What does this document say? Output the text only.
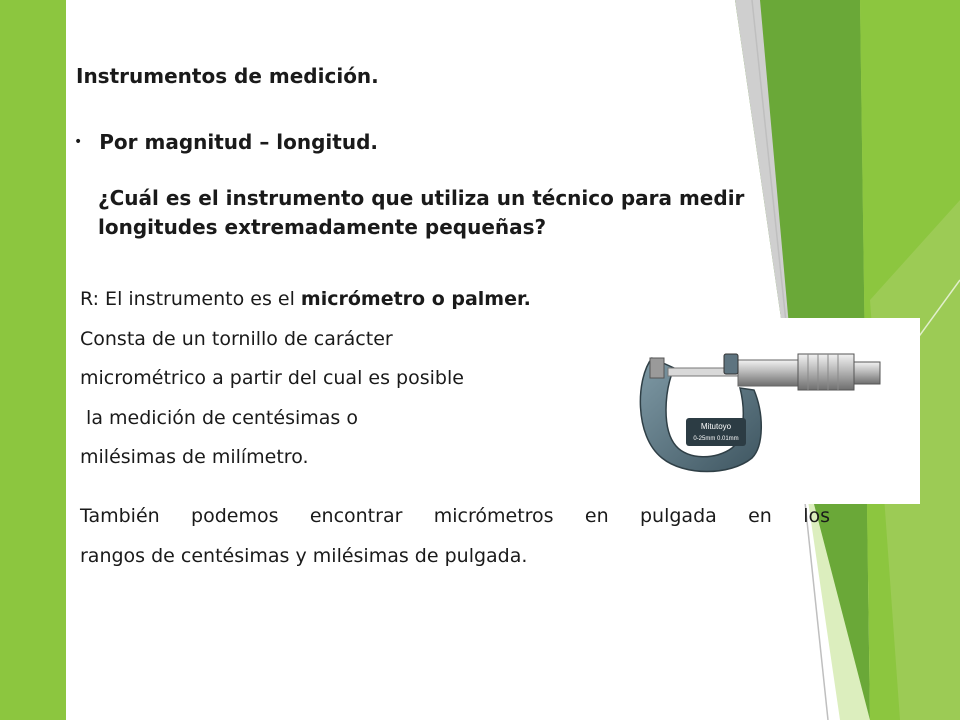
Instrumentos de medición.
• Por magnitud – longitud.
¿Cuál es el instrumento que utiliza un técnico para medir longitudes extremadamente pequeñas?

R: El instrumento es el micrómetro o palmer.

Consta de un tornillo de carácter

micrométrico a partir del cual es posible

la medición de centésimas o

milésimas de milímetro.

También podemos encontrar micrómetros en pulgada en los

rangos de centésimas y milésimas de pulgada.

Mitutoyo
0-25mm 0.01mm
